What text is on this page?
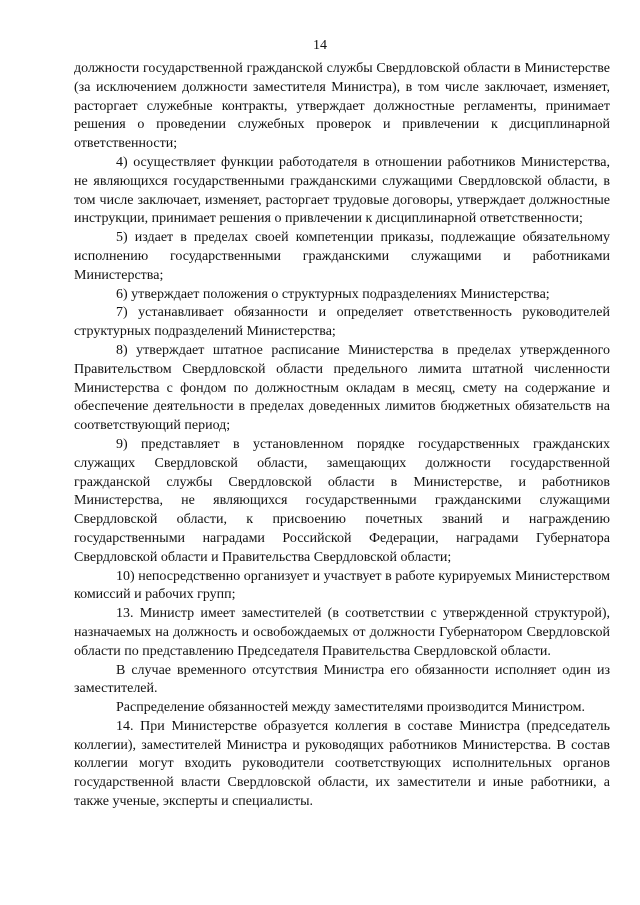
14

должности государственной гражданской службы Свердловской области в Министерстве (за исключением должности заместителя Министра), в том числе заключает, изменяет, расторгает служебные контракты, утверждает должностные регламенты, принимает решения о проведении служебных проверок и привлечении к дисциплинарной ответственности;

4) осуществляет функции работодателя в отношении работников Министерства, не являющихся государственными гражданскими служащими Свердловской области, в том числе заключает, изменяет, расторгает трудовые договоры, утверждает должностные инструкции, принимает решения о привлечении к дисциплинарной ответственности;

5) издает в пределах своей компетенции приказы, подлежащие обязательному исполнению государственными гражданскими служащими и работниками Министерства;

6) утверждает положения о структурных подразделениях Министерства;

7) устанавливает обязанности и определяет ответственность руководителей структурных подразделений Министерства;

8) утверждает штатное расписание Министерства в пределах утвержденного Правительством Свердловской области предельного лимита штатной численности Министерства с фондом по должностным окладам в месяц, смету на содержание и обеспечение деятельности в пределах доведенных лимитов бюджетных обязательств на соответствующий период;

9) представляет в установленном порядке государственных гражданских служащих Свердловской области, замещающих должности государственной гражданской службы Свердловской области в Министерстве, и работников Министерства, не являющихся государственными гражданскими служащими Свердловской области, к присвоению почетных званий и награждению государственными наградами Российской Федерации, наградами Губернатора Свердловской области и Правительства Свердловской области;

10) непосредственно организует и участвует в работе курируемых Министерством комиссий и рабочих групп;

13. Министр имеет заместителей (в соответствии с утвержденной структурой), назначаемых на должность и освобождаемых от должности Губернатором Свердловской области по представлению Председателя Правительства Свердловской области.

В случае временного отсутствия Министра его обязанности исполняет один из заместителей.

Распределение обязанностей между заместителями производится Министром.

14. При Министерстве образуется коллегия в составе Министра (председатель коллегии), заместителей Министра и руководящих работников Министерства. В состав коллегии могут входить руководители соответствующих исполнительных органов государственной власти Свердловской области, их заместители и иные работники, а также ученые, эксперты и специалисты.
